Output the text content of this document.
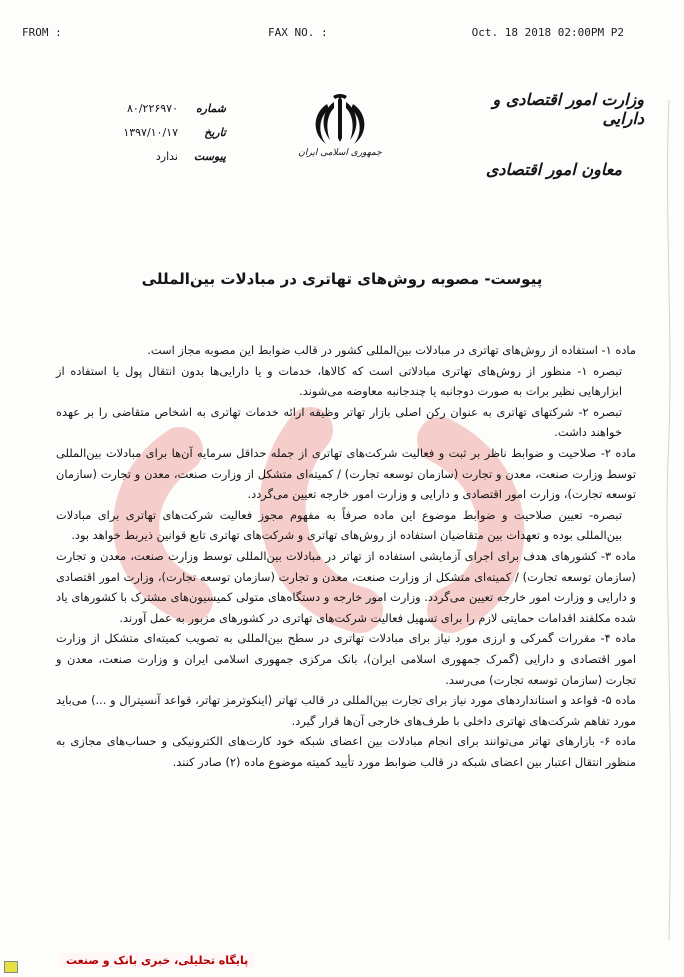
FROM :	FAX NO. :	Oct. 18 2018 02:00PM P2
وزارت امور اقتصادی و دارایی
معاون امور اقتصادی
جمهوری اسلامی ایران
شماره
۸۰/۲۲۶۹۷۰
تاریخ
۱۳۹۷/۱۰/۱۷
پیوست
ندارد
پیوست- مصوبه روش‌های تهاتری در مبادلات بین‌المللی

ماده ۱- استفاده از روش‌های تهاتری در مبادلات بین‌المللی کشور در قالب ضوابط این مصوبه مجاز است.

تبصره ۱- منظور از روش‌های تهاتری مبادلاتی است که کالاها، خدمات و یا دارایی‌ها بدون انتقال پول یا استفاده از ابزارهایی نظیر برات به صورت دوجانبه یا چندجانبه معاوضه می‌شوند.

تبصره ۲- شرکتهای تهاتری به عنوان رکن اصلی بازار تهاتر وظیفه ارائه خدمات تهاتری به اشخاص متقاضی را بر عهده خواهند داشت.

ماده ۲- صلاحیت و ضوابط ناظر بر ثبت و فعالیت شرکت‌های تهاتری از جمله حداقل سرمایه آن‌ها برای مبادلات بین‌المللی توسط وزارت صنعت، معدن و تجارت (سازمان توسعه تجارت) / کمیته‌ای متشکل از وزارت صنعت، معدن و تجارت (سازمان توسعه تجارت)، وزارت امور اقتصادی و دارایی و وزارت امور خارجه تعیین می‌گردد.

تبصره- تعیین صلاحیت و ضوابط موضوع این ماده صرفاً به مفهوم مجوز فعالیت شرکت‌های تهاتری برای مبادلات بین‌المللی بوده و تعهدات بین متقاضیان استفاده از روش‌های تهاتری و شرکت‌های تهاتری تابع قوانین ذیربط خواهد بود.

ماده ۳- کشورهای هدف برای اجرای آزمایشی استفاده از تهاتر در مبادلات بین‌المللی توسط وزارت صنعت، معدن و تجارت (سازمان توسعه تجارت) / کمیته‌ای متشکل از وزارت صنعت، معدن و تجارت (سازمان توسعه تجارت)، وزارت امور اقتصادی و دارایی و وزارت امور خارجه تعیین می‌گردد. وزارت امور خارجه و دستگاه‌های متولی کمیسیون‌های مشترک با کشورهای یاد شده مکلفند اقدامات حمایتی لازم را برای تسهیل فعالیت شرکت‌های تهاتری در کشورهای مزبور به عمل آورند.

ماده ۴- مقررات گمرکی و ارزی مورد نیاز برای مبادلات تهاتری در سطح بین‌المللی به تصویب کمیته‌ای متشکل از وزارت امور اقتصادی و دارایی (گمرک جمهوری اسلامی ایران)، بانک مرکزی جمهوری اسلامی ایران و وزارت صنعت، معدن و تجارت (سازمان توسعه تجارت) می‌رسد.

ماده ۵- قواعد و استانداردهای مورد نیاز برای تجارت بین‌المللی در قالب تهاتر (اینکوترمز تهاتر، قواعد آنسیترال و ...) می‌باید مورد تفاهم شرکت‌های تهاتری داخلی با طرف‌های خارجی آن‌ها قرار گیرد.

ماده ۶- بازارهای تهاتر می‌توانند برای انجام مبادلات بین اعضای شبکه خود کارت‌های الکترونیکی و حساب‌های مجازی به منظور انتقال اعتبار بین اعضای شبکه در قالب ضوابط مورد تأیید کمیته موضوع ماده (۲) صادر کنند.

پایگاه تحلیلی، خبری بانک و صنعت
